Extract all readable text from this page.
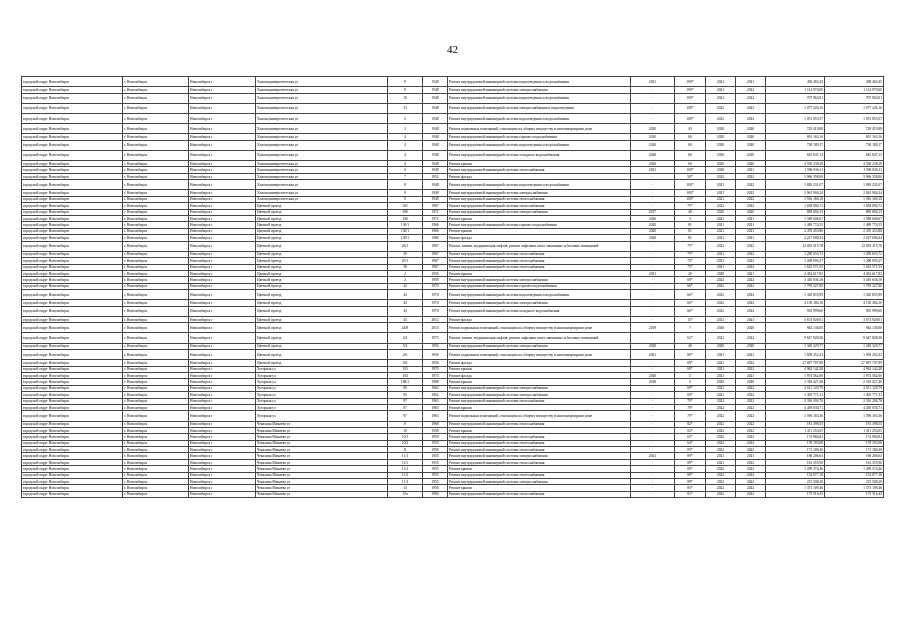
42
городской округ Новосибирск	г. Новосибирск	Новосибирск г	Хилокоуниверситетская ул	8	1948	Ремонт внутридомовой инженерной системы водоотведения и водоснабжения	2021	100*	2021	2021	458 463,45	458 463,45
городской округ Новосибирск	г. Новосибирск	Новосибирск г	Хилокоуниверситетская ул	8	1948	Ремонт внутридомовой инженерной системы электроснабжения	-	100*	2021	2022	1 114 970,00	1 114 970,00
городской округ Новосибирск	г. Новосибирск	Новосибирск г	Хилокоуниверситетская ул	10	1948	Ремонт внутридомовой инженерной системы водоотведения и водоснабжения	-	100*	2021	2022	707 963,01	707 963,01
городской округ Новосибирск	г. Новосибирск	Новосибирск г	Хилокоуниверситетская ул	13	1948	Ремонт внутридомовой инженерной системы электроснабжения и водоотведения	-	100*	2022	2022	1 077 226,16	1 077 226,16
городской округ Новосибирск	г. Новосибирск	Новосибирск г	Хилокоуниверситетская ул	2	1948	Ремонт внутридомовой инженерной системы водоотведения и водоснабжения	-	100*	2022	2022	1 051 853,57	1 051 853,57
городской округ Новосибирск	г. Новосибирск	Новосибирск г	Хилокоуниверситетская ул	2	1948	Ремонт подвальных помещений, относящихся к общему имуществу в многоквартирном доме	2020	43	2020	2020	729 419,88	729 419,88
городской округ Новосибирск	г. Новосибирск	Новосибирск г	Хилокоуниверситетская ул	4	1948	Ремонт внутридомовой инженерной системы горячего водоснабжения	2020	60	2020	2020	691 163,16	691 163,16
городской округ Новосибирск	г. Новосибирск	Новосибирск г	Хилокоуниверситетская ул	4	1948	Ремонт внутридомовой инженерной системы водоотведения и водоснабжения	2020	60	2020	2020	738 189,17	738 189,17
городской округ Новосибирск	г. Новосибирск	Новосибирск г	Хилокоуниверситетская ул	4	1948	Ремонт внутридомовой инженерной системы холодного водоснабжения	2020	60	2020	2020	645 847,13	645 847,13
городской округ Новосибирск	г. Новосибирск	Новосибирск г	Хилокоуниверситетская ул	4	1948	Ремонт крыши	2020	60	2020	2020	4 550 238,28	4 550 238,28
городской округ Новосибирск	г. Новосибирск	Новосибирск г	Хилокоуниверситетская ул	6	1948	Ремонт внутридомовой инженерной системы теплоснабжения	2021	100*	2020	2021	1 596 036,11	1 596 036,11
городской округ Новосибирск	г. Новосибирск	Новосибирск г	Хилокоуниверситетская ул	7	1952	Ремонт фасада	-	50*	2022	2022	5 966 358,00	5 966 358,00
городской округ Новосибирск	г. Новосибирск	Новосибирск г	Хилокоуниверситетская ул	8	1948	Ремонт внутридомовой инженерной системы водоотведения и водоснабжения	-	100*	2021	2022	1 849 231,07	1 849 231,07
городской округ Новосибирск	г. Новосибирск	Новосибирск г	Хилокоуниверситетская ул	9	1948	Ремонт внутридомовой инженерной системы электроснабжения	-	100*	2021	2022	2 061 904,24	2 061 904,24
городской округ Новосибирск	г. Новосибирск	Новосибирск г	Хилокоуниверситетская ул	9	1948	Ремонт внутридомовой инженерной системы теплоснабжения	-	100*	2021	2022	1 916 169,18	1 916 169,18
городской округ Новосибирск	г. Новосибирск	Новосибирск г	Цветной проезд	102	1967	Ремонт внутридомовой инженерной системы теплоснабжения	-	75*	2022	2022	1 658 094,72	1 658 094,72
городской округ Новосибирск	г. Новосибирск	Новосибирск г	Цветной проезд	106	1972	Ремонт внутридомовой инженерной системы электроснабжения	2017	40	2020	2020	885 694,13	885 694,13
городской округ Новосибирск	г. Новосибирск	Новосибирск г	Цветной проезд	106	1972	Ремонт крыши	2020	3	2021	2021	1 589 606,67	1 589 606,67
городской округ Новосибирск	г. Новосибирск	Новосибирск г	Цветной проезд	130/1	1966	Ремонт внутридомовой инженерной системы горячего водоснабжения	2020	81	2021	2021	1 489 774,55	1 489 774,55
городской округ Новосибирск	г. Новосибирск	Новосибирск г	Цветной проезд	130/1	1966	Ремонт крыши	2020	81	2021	2021	2 476 453,86	2 476 453,86
городской округ Новосибирск	г. Новосибирск	Новосибирск г	Цветной проезд	139/1	1966	Ремонт фасада	2020	81	2021	2021	2 227 690,24	2 227 690,24
городской округ Новосибирск	г. Новосибирск	Новосибирск г	Цветной проезд	26/1	1967	Ремонт, замена, модернизация лифтов, ремонт лифтовых шахт, машинных и блочных помещений	-	75*	2022	2022	12 053 315,78	12 053 315,78
городской округ Новосибирск	г. Новосибирск	Новосибирск г	Цветной проезд	30	1967	Ремонт внутридомовой инженерной системы теплоснабжения	-	75*	2021	2022	1 290 653,72	1 290 653,72
городской округ Новосибирск	г. Новосибирск	Новосибирск г	Цветной проезд	45/1	1967	Ремонт внутридомовой инженерной системы теплоснабжения	-	75*	2021	2022	1 208 093,27	1 208 093,27
городской округ Новосибирск	г. Новосибирск	Новосибирск г	Цветной проезд	58	1967	Ремонт внутридомовой инженерной системы теплоснабжения	-	75*	2021	2022	1 625 571,55	1 625 571,55
городской округ Новосибирск	г. Новосибирск	Новосибирск г	Цветной проезд	2	1956	Ремонт крыши	2021	20	2020	2021	4 454 617,82	4 454 617,82
городской округ Новосибирск	г. Новосибирск	Новосибирск г	Цветной проезд	2	1959	Ремонт внутридомовой инженерной системы электроснабжения	-	69*	2022	2022	3 416 636,16	3 416 636,16
городской округ Новосибирск	г. Новосибирск	Новосибирск г	Цветной проезд	42	1970	Ремонт внутридомовой инженерной системы горячего водоснабжения	-	66*	2022	2022	1 795 227,80	1 795 227,80
городской округ Новосибирск	г. Новосибирск	Новосибирск г	Цветной проезд	43	1970	Ремонт внутридомовой инженерной системы водоотведения и водоснабжения	-	66*	2022	2022	1 320 855,99	1 320 855,99
городской округ Новосибирск	г. Новосибирск	Новосибирск г	Цветной проезд	43	1970	Ремонт внутридомовой инженерной системы электроснабжения	-	66*	2022	2022	4 150 384,10	4 150 384,10
городской округ Новосибирск	г. Новосибирск	Новосибирск г	Цветной проезд	43	1970	Ремонт внутридомовой инженерной системы холодного водоснабжения	-	66*	2022	2022	935 999,60	935 999,60
городской округ Новосибирск	г. Новосибирск	Новосибирск г	Цветной проезд	43	2012	Ремонт фасада	-	15*	2021	2021	3 673 929,01	3 673 929,01
городской округ Новосибирск	г. Новосибирск	Новосибирск г	Цветной проезд	44/8	2010	Ремонт подвальных помещений, относящихся к общему имуществу в многоквартирном доме	2019	7	2020	2020	944 136,00	944 136,00
городской округ Новосибирск	г. Новосибирск	Новосибирск г	Цветной проезд	3/4	1973	Ремонт, замена, модернизация лифтов, ремонт лифтовых шахт, машинных и блочных помещений	-	62*	2022	2022	9 647 828,36	9 647 828,36
городской округ Новосибирск	г. Новосибирск	Новосибирск г	Цветной проезд	5/4	1956	Ремонт внутридомовой инженерной системы электроснабжения	2020	40	2020	2020	1 349 329,77	1 349 329,77
городской округ Новосибирск	г. Новосибирск	Новосибирск г	Цветной проезд	2/6	1956	Ремонт подвальных помещений, относящихся к общему имуществу в многоквартирном доме	2021	80*	2021	2021	1 658 252,43	1 658 252,43
городской округ Новосибирск	г. Новосибирск	Новосибирск г	Цветной проезд	5/6	1956	Ремонт фасада	-	69*	2021	2022	27 697 707,89	27 697 707,89
городской округ Новосибирск	г. Новосибирск	Новосибирск г	Хуторная ул	103	1970	Ремонт крыши	-	69*	2021	2022	4 962 142,28	4 962 142,28
городской округ Новосибирск	г. Новосибирск	Новосибирск г	Хуторная ул	104	1974	Ремонт фасада	2020	5	2021	2021	1 974 562,00	1 974 562,00
городской округ Новосибирск	г. Новосибирск	Новосибирск г	Хуторная ул	108/1	1988	Ремонт крыши	2019	2	2020	2020	2 316 427,40	2 316 427,40
городской округ Новосибирск	г. Новосибирск	Новосибирск г	Хуторная ул	90	1962	Ремонт внутридомовой инженерной системы электроснабжения	-	69*	2021	2022	2 611 120,79	2 611 120,79
городской округ Новосибирск	г. Новосибирск	Новосибирск г	Хуторная ул	95	1962	Ремонт внутридомовой инженерной системы электроснабжения	-	69*	2021	2022	1 405 771,31	1 405 771,31
городской округ Новосибирск	г. Новосибирск	Новосибирск г	Хуторная ул	97	1963	Ремонт внутридомовой инженерной системы теплоснабжения	-	79*	2022	2022	2 316 204,76	2 316 204,76
городской округ Новосибирск	г. Новосибирск	Новосибирск г	Хуторная ул	97	1963	Ремонт крыши	-	79*	2022	2022	4 439 030,71	4 439 030,71
городской округ Новосибирск	г. Новосибирск	Новосибирск г	Хуторная ул	97	1963	Ремонт подвальных помещений, относящихся к общему имуществу в многоквартирном доме	-	79*	2022	2022	1 596 163,36	1 596 163,36
городской округ Новосибирск	г. Новосибирск	Новосибирск г	Чекалина Мамаева ул	8	1968	Ремонт внутридомовой инженерной системы теплоснабжения	-	82*	2022	2022	181 398,55	181 398,55
городской округ Новосибирск	г. Новосибирск	Новосибирск г	Чекалина Мамаева ул	10	1958	Ремонт крыши	-	82*	2022	2022	1 411 253,05	1 411 253,05
городской округ Новосибирск	г. Новосибирск	Новосибирск г	Чекалина Мамаева ул	10/1	1959	Ремонт внутридомовой инженерной системы теплоснабжения	-	65*	2022	2022	174 984,82	174 984,82
городской округ Новосибирск	г. Новосибирск	Новосибирск г	Чекалина Мамаева ул	10/2	1959	Ремонт внутридомовой инженерной системы теплоснабжения	-	64*	2022	2022	178 393,08	178 393,08
городской округ Новосибирск	г. Новосибирск	Новосибирск г	Чекалина Мамаева ул	11	1958	Ремонт внутридомовой инженерной системы теплоснабжения	-	85*	2022	2022	171 180,46	171 180,46
городской округ Новосибирск	г. Новосибирск	Новосибирск г	Чекалина Мамаева ул	11/1	1955	Ремонт внутридомовой инженерной системы электроснабжения	2021	89*	2021	2021	168 206,63	168 206,63
городской округ Новосибирск	г. Новосибирск	Новосибирск г	Чекалина Мамаева ул	11/1	1955	Ремонт внутридомовой инженерной системы теплоснабжения	-	89*	2021	2022	161 355,90	161 355,90
городской округ Новосибирск	г. Новосибирск	Новосибирск г	Чекалина Мамаева ул	11/2	1955	Ремонт крыши	-	89*	2022	2022	1 299 374,46	1 299 374,46
городской округ Новосибирск	г. Новосибирск	Новосибирск г	Чекалина Мамаева ул	11/2	1955	Ремонт внутридомовой инженерной системы теплоснабжения	-	89*	2022	2022	154 077,18	154 077,18
городской округ Новосибирск	г. Новосибирск	Новосибирск г	Чекалина Мамаева ул	11/2	1955	Ремонт внутридомовой инженерной системы электроснабжения	-	88*	2022	2022	215 508,20	215 508,20
городской округ Новосибирск	г. Новосибирск	Новосибирск г	Чекалина Мамаева ул	13	1956	Ремонт крыши	-	85*	2022	2022	1 373 109,46	1 373 109,46
городской округ Новосибирск	г. Новосибирск	Новосибирск г	Чекалина Мамаева ул	15a	1960	Ремонт внутридомовой инженерной системы теплоснабжения	-	81*	2022	2022	173 516,45	173 516,45
